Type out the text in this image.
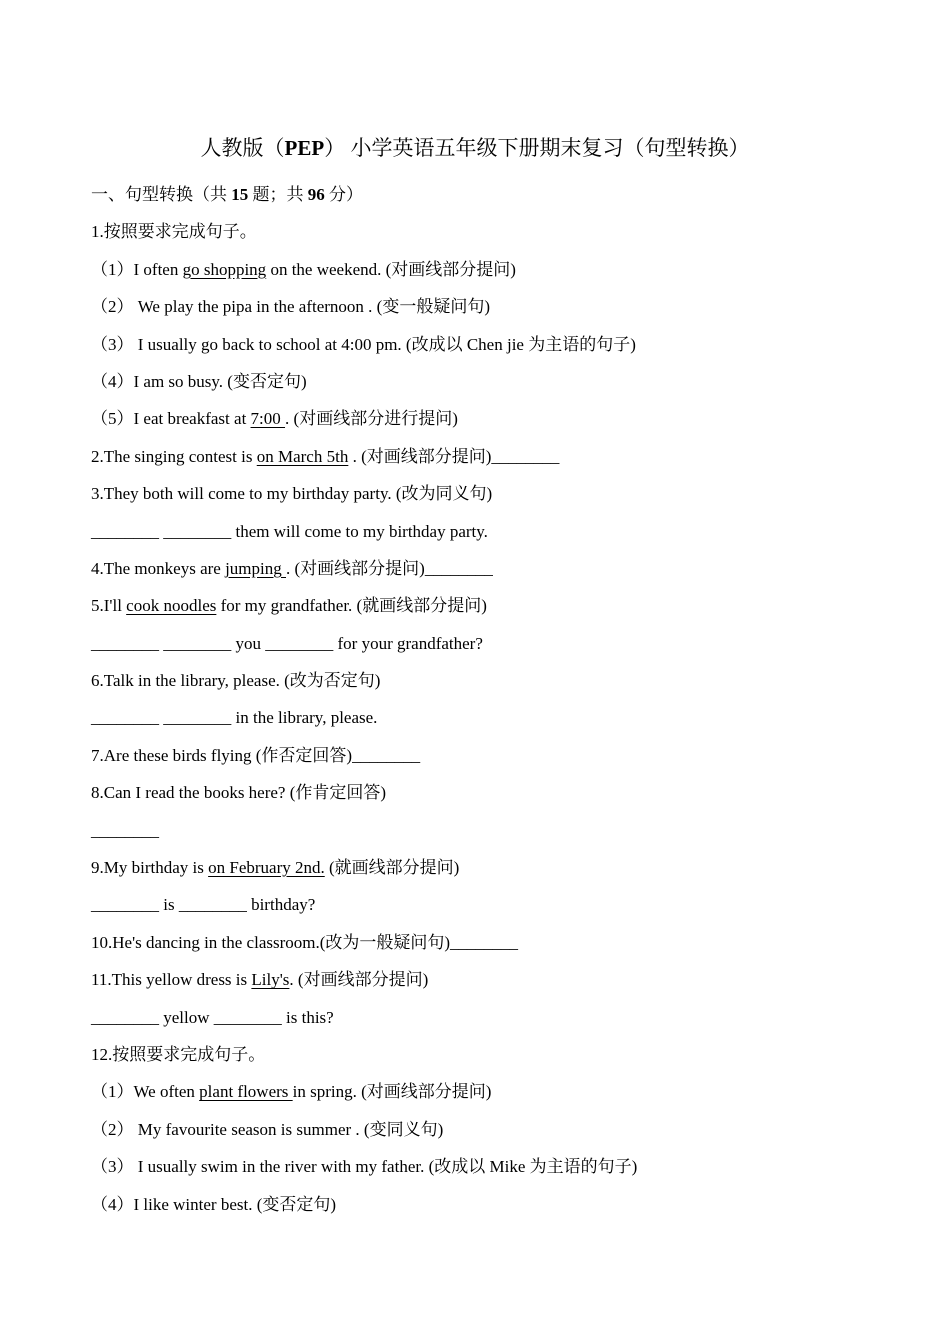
人教版（PEP） 小学英语五年级下册期末复习（句型转换）
一、句型转换（共 15 题；共 96 分）
1.按照要求完成句子。
（1）I often go shopping on the weekend. (对画线部分提问)
（2） We play the pipa in the afternoon . (变一般疑问句)
（3） I usually go back to school at 4:00 pm. (改成以 Chen jie 为主语的句子)
（4）I am so busy. (变否定句)
（5）I eat breakfast at 7:00 . (对画线部分进行提问)
2.The singing contest is on March 5th . (对画线部分提问)________
3.They both will come to my birthday party. (改为同义句)
________ ________ them will come to my birthday party.
4.The monkeys are jumping . (对画线部分提问)________
5.I'll cook noodles for my grandfather. (就画线部分提问)
________ ________ you ________ for your grandfather?
6.Talk in the library, please. (改为否定句)
________ ________ in the library, please.
7.Are these birds flying (作否定回答)________
8.Can I read the books here? (作肯定回答)
________
9.My birthday is on February 2nd. (就画线部分提问)
________ is ________ birthday?
10.He's dancing in the classroom.(改为一般疑问句)________
11.This yellow dress is Lily's. (对画线部分提问)
________ yellow ________ is this?
12.按照要求完成句子。
（1）We often plant flowers in spring. (对画线部分提问)
（2） My favourite season is summer . (变同义句)
（3） I usually swim in the river with my father. (改成以 Mike 为主语的句子)
（4）I like winter best. (变否定句)
